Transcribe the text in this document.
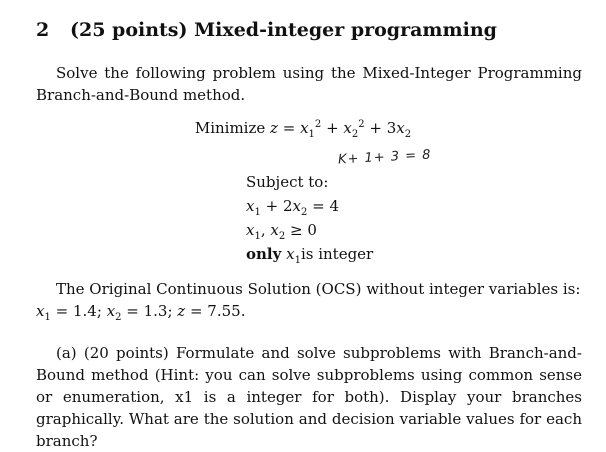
2 (25 points) Mixed-integer programming
Solve the following problem using the Mixed-Integer Programming Branch-and-Bound method.
Minimize $z = x_1^2 + x_2^2 + 3x_2$
K+ 1+ 3 = 8
Subject to:
$x_1 + 2x_2 = 4$
$x_1$, $x_2 \ge 0$
only $x_1is$ integer
The Original Continuous Solution (OCS) without integer variables is:
$x_1 = 1.4$; $x_2 = 1.3$; z = 7.55.
(a) (20 points) Formulate and solve subproblems with Branch-and-Bound method (Hint: you can solve subproblems using common sense or enumeration, x1 is a integer for both). Display your branches graphically. What are the solution and decision variable values for each branch?
